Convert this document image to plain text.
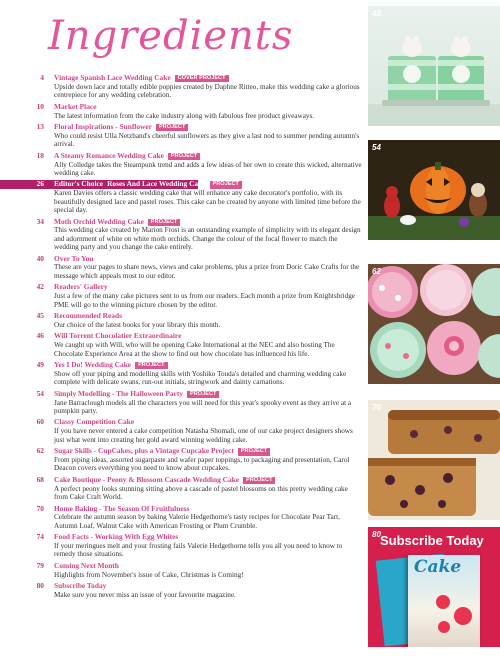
Ingredients
4 Vintage Spanish Lace Wedding Cake COVER PROJECT
Upside down lace and totally edible poppies created by Daphne Ritteo, make this wedding cake a glorious centrepiece for any wedding celebration.
10 Market Place
The latest information from the cake industry along with fabulous free product giveaways.
13 Floral Inspirations - Sunflower PROJECT
Who could resist Ulla Netzband's cheerful sunflowers as they give a last nod to summer pending autumn's arrival.
18 A Steamy Romance Wedding Cake PROJECT
Ally Colledge takes the Steampunk trend and adds a few ideas of her own to create this wicked, alternative wedding cake.
26 Editor's Choice Roses And Lace Wedding Cake PROJECT
Karen Davies offers a classic wedding cake that will enhance any cake decorator's portfolio, with its beautifully designed lace and pastel roses. This cake can be created by anyone with limited time before the special day.
34 Moth Orchid Wedding Cake PROJECT
This wedding cake created by Marion Frost is an outstanding example of simplicity with its elegant design and adornment of white on white moth orchids. Change the colour of the focal flower to match the wedding party and you change the cake entirely.
40 Over To You
These are your pages to share news, views and cake problems, plus a prize from Doric Cake Crafts for the message which appeals most to our editor.
42 Readers' Gallery
Just a few of the many cake pictures sent to us from our readers. Each month a prize from Knightsbridge PME will go to the winning picture chosen by the editor.
45 Recommended Reads
Our choice of the latest books for your library this month.
46 Will Torrent Chocolatier Extraordinaire
We caught up with Will, who will be opening Cake International at the NEC and also hosting The Chocolate Experience Area at the show to find out how chocolate has influenced his life.
49 Yes I Do! Wedding Cake PROJECT
Show off your piping and modelling skills with Yoshiko Touda's detailed and charming wedding cake complete with delicate swans, run-out initials, stringwork and dainty carnations.
54 Simply Modelling - The Halloween Party PROJECT
Jane Barraclough models all the characters you will need for this year's spooky event as they arrive at a pumpkin party.
60 Classy Competition Cake
If you have never entered a cake competition Natasha Shomali, one of our cake project designers shows just what went into creating her gold award winning wedding cake.
62 Sugar Skills - CupCakes, plus a Vintage Cupcake Project PROJECT
From piping ideas, assorted sugarpaste and wafer paper toppings, to packaging and presentation, Carol Deacon covers everything you need to know about cupcakes.
68 Cake Boutique - Peony & Blossom Cascade Wedding Cake PROJECT
A perfect peony looks stunning sitting above a cascade of pastel blossoms on this pretty wedding cake from Cake Craft World.
70 Home Baking - The Season Of Fruitfulness
Celebrate the autumn season by baking Valerie Hedgethorne's tasty recipes for Chocolate Pear Tart, Autumn Loaf, Walnut Cake with American Frosting or Plum Crumble.
74 Food Facts - Working With Egg Whites
If your meringues melt and your frosting fails Valerie Hedgethorne tells you all you need to know to remedy those situations.
79 Coming Next Month
Highlights from November's issue of Cake, Christmas is Coming!
80 Subscribe Today
Make sure you never miss an issue of your favourite magazine.
48
54
62
70
80 Subscribe Today
Cake
